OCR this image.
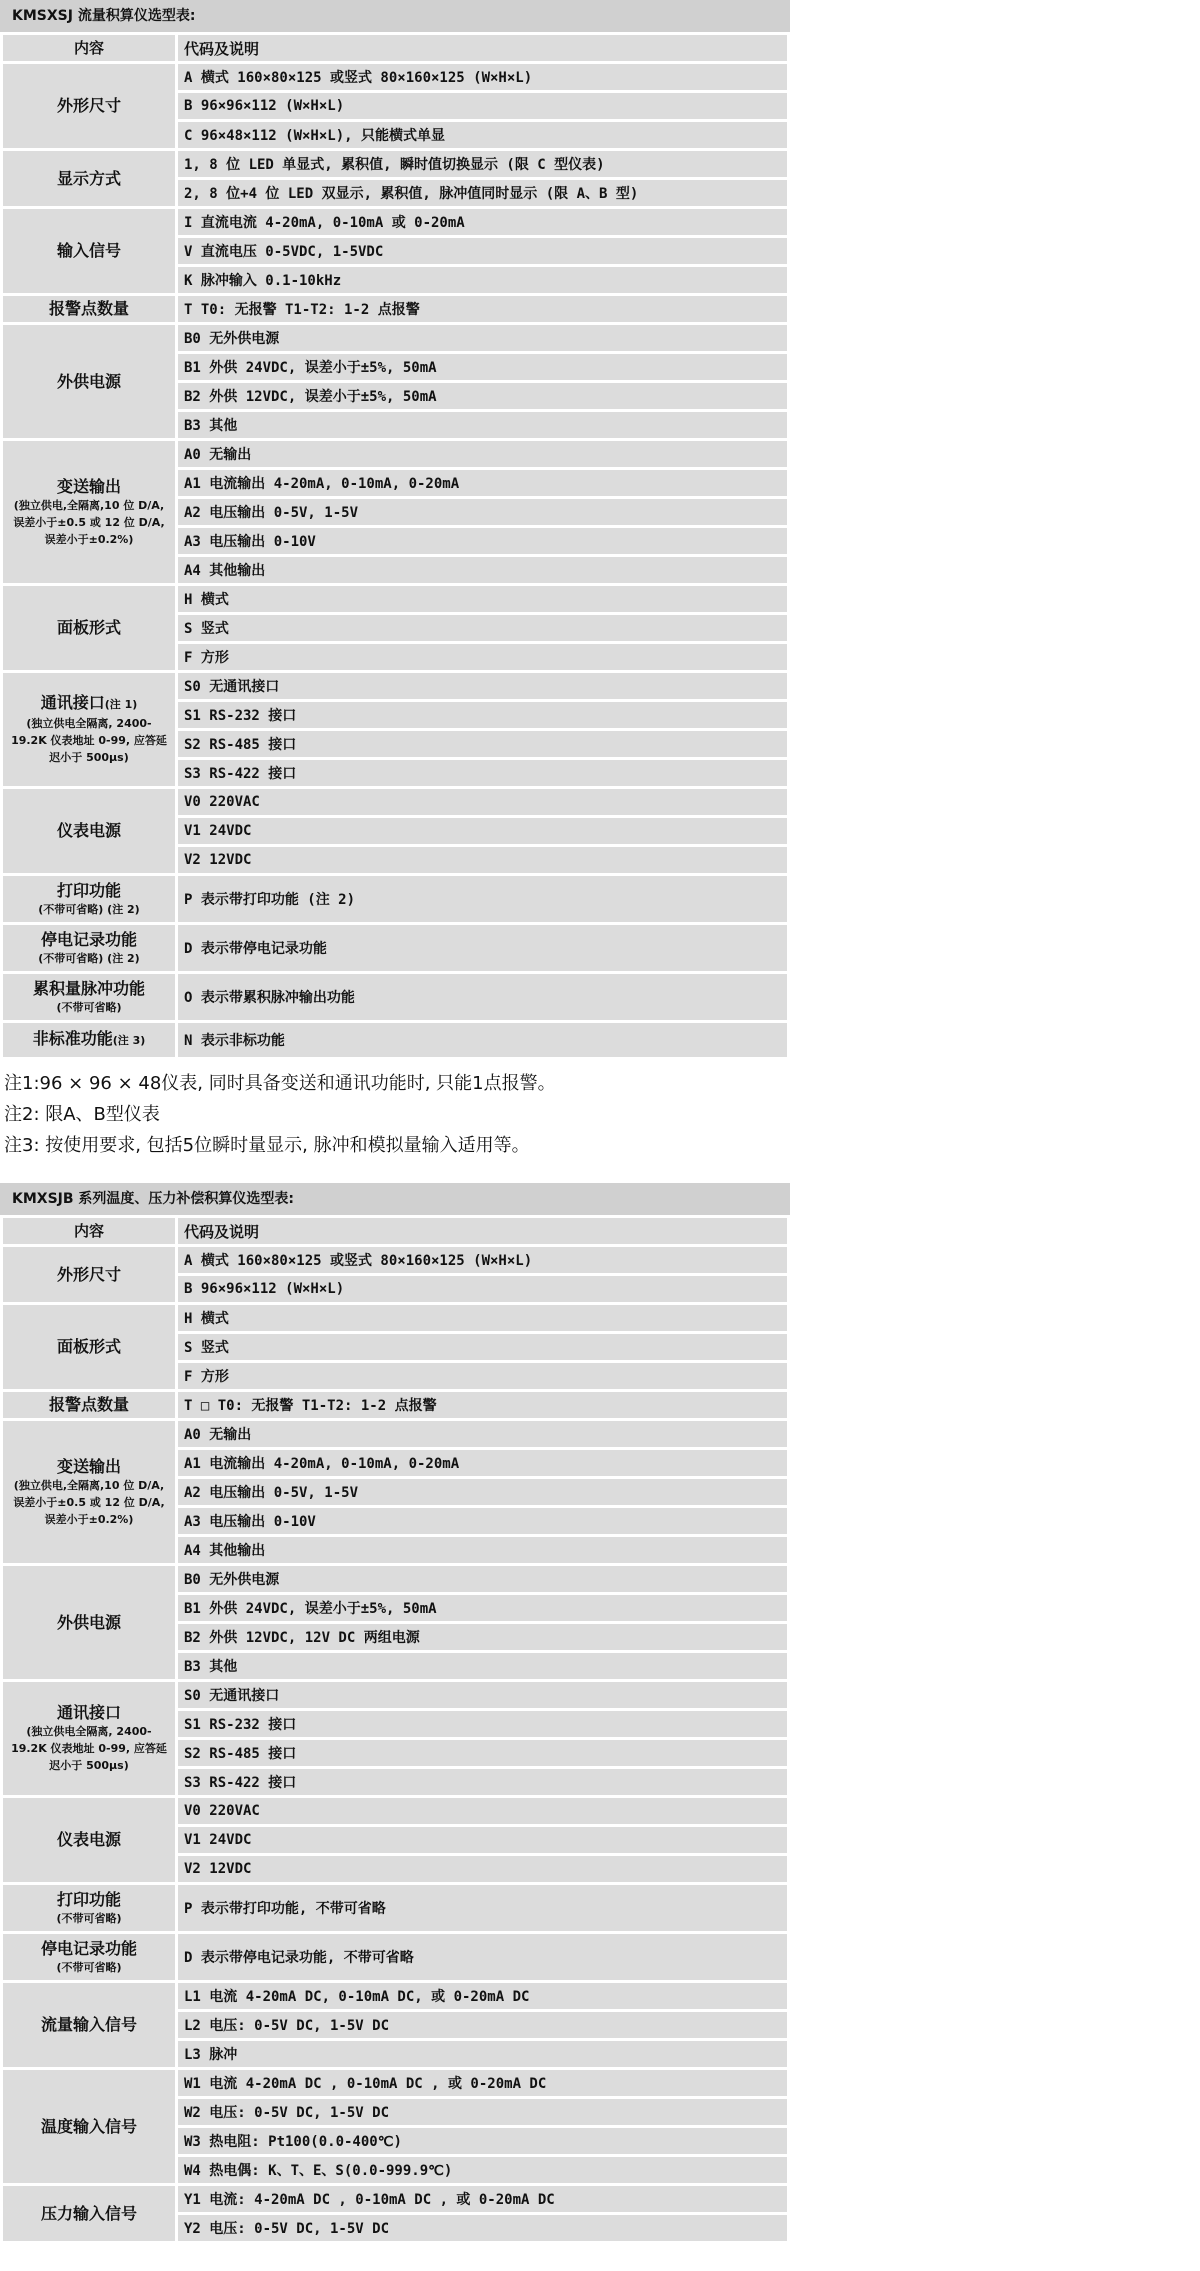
KMSXSJ 流量积算仪选型表:
内容	代码及说明
外形尺寸	A 横式 160×80×125 或竖式 80×160×125 (W×H×L)
	B 96×96×112 (W×H×L)
	C 96×48×112 (W×H×L), 只能横式单显
显示方式	1, 8 位 LED 单显式, 累积值, 瞬时值切换显示 (限 C 型仪表)
	2, 8 位+4 位 LED 双显示, 累积值, 脉冲值同时显示 (限 A、B 型)
输入信号	I 直流电流 4-20mA, 0-10mA 或 0-20mA
	V 直流电压 0-5VDC, 1-5VDC
	K 脉冲输入 0.1-10kHz
报警点数量	T T0: 无报警 T1-T2: 1-2 点报警
外供电源	B0 无外供电源
	B1 外供 24VDC, 误差小于±5%, 50mA
	B2 外供 12VDC, 误差小于±5%, 50mA
	B3 其他
变送输出
(独立供电,全隔离,10 位 D/A, 误差小于±0.5 或 12 位 D/A,误差小于±0.2%)	A0 无输出
	A1 电流输出 4-20mA, 0-10mA, 0-20mA
	A2 电压输出 0-5V, 1-5V
	A3 电压输出 0-10V
	A4 其他输出
面板形式	H 横式
	S 竖式
	F 方形
通讯接口(注 1)
(独立供电全隔离, 2400-19.2K 仪表地址 0-99, 应答延迟小于 500μs)	S0 无通讯接口
	S1 RS-232 接口
	S2 RS-485 接口
	S3 RS-422 接口
仪表电源	V0 220VAC
	V1 24VDC
	V2 12VDC
打印功能
(不带可省略) (注 2)	P 表示带打印功能 (注 2)
停电记录功能
(不带可省略) (注 2)	D 表示带停电记录功能
累积量脉冲功能
(不带可省略)	O 表示带累积脉冲输出功能
非标准功能(注 3)	N 表示非标功能

注1:96 × 96 × 48仪表, 同时具备变送和通讯功能时, 只能1点报警。

注2: 限A、B型仪表

注3: 按使用要求, 包括5位瞬时量显示, 脉冲和模拟量输入适用等。

KMXSJB 系列温度、压力补偿积算仪选型表:
内容	代码及说明
外形尺寸	A 横式 160×80×125 或竖式 80×160×125 (W×H×L)
	B 96×96×112 (W×H×L)
面板形式	H 横式
	S 竖式
	F 方形
报警点数量	T □ T0: 无报警 T1-T2: 1-2 点报警
变送输出
(独立供电,全隔离,10 位 D/A, 误差小于±0.5 或 12 位 D/A,误差小于±0.2%)	A0 无输出
	A1 电流输出 4-20mA, 0-10mA, 0-20mA
	A2 电压输出 0-5V, 1-5V
	A3 电压输出 0-10V
	A4 其他输出
外供电源	B0 无外供电源
	B1 外供 24VDC, 误差小于±5%, 50mA
	B2 外供 12VDC, 12V DC 两组电源
	B3 其他
通讯接口
(独立供电全隔离, 2400-19.2K 仪表地址 0-99, 应答延迟小于 500μs)	S0 无通讯接口
	S1 RS-232 接口
	S2 RS-485 接口
	S3 RS-422 接口
仪表电源	V0 220VAC
	V1 24VDC
	V2 12VDC
打印功能
(不带可省略)	P 表示带打印功能, 不带可省略
停电记录功能
(不带可省略)	D 表示带停电记录功能, 不带可省略
流量输入信号	L1 电流 4-20mA DC, 0-10mA DC, 或 0-20mA DC
	L2 电压: 0-5V DC, 1-5V DC
	L3 脉冲
温度输入信号	W1 电流 4-20mA DC , 0-10mA DC , 或 0-20mA DC
	W2 电压: 0-5V DC, 1-5V DC
	W3 热电阻: Pt100(0.0-400℃)
	W4 热电偶: K、T、E、S(0.0-999.9℃)
压力输入信号	Y1 电流: 4-20mA DC , 0-10mA DC , 或 0-20mA DC
	Y2 电压: 0-5V DC, 1-5V DC
